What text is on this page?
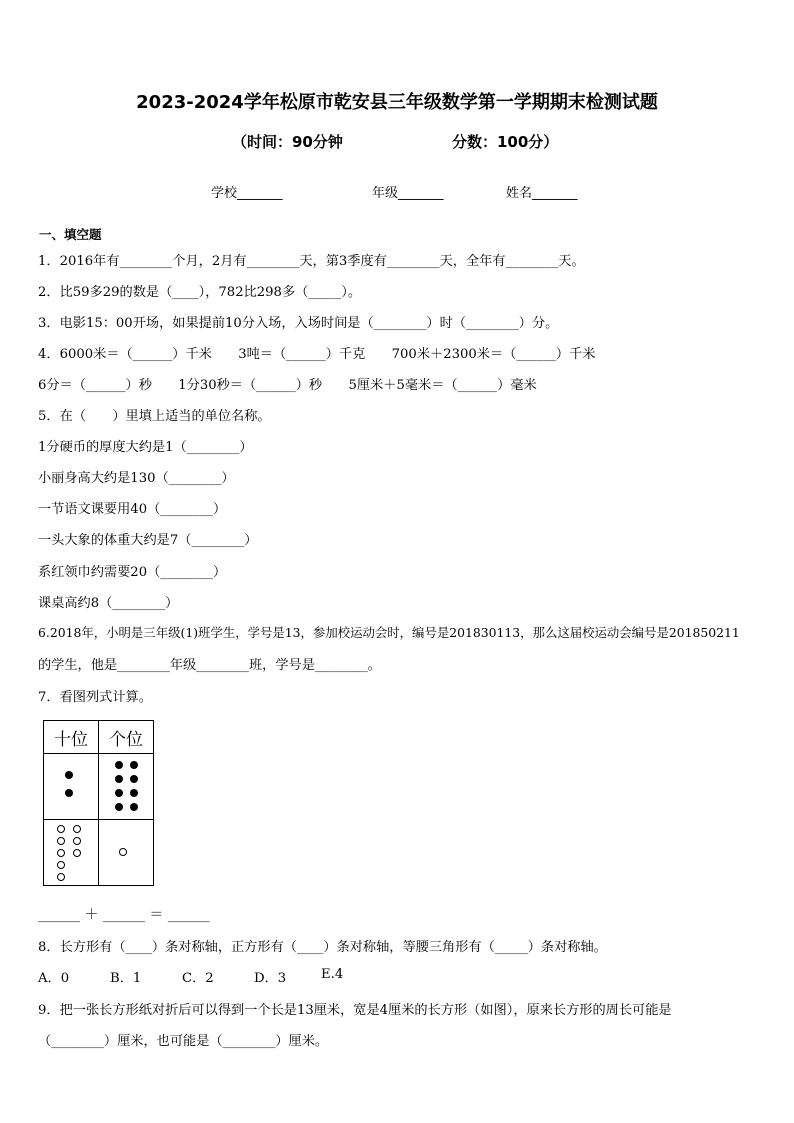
2023-2024学年松原市乾安县三年级数学第一学期期末检测试题
（时间：90分钟	分数：100分）
学校_______	年级_______	姓名_______
一、填空题
1．2016年有________个月，2月有________天，第3季度有________天，全年有________天。
2．比59多29的数是（____），782比298多（_____）。
3．电影15：00开场，如果提前10分入场，入场时间是（________）时（________）分。
4．6000米＝（______）千米　　3吨＝（______）千克　　700米＋2300米＝（______）千米
6分＝（______）秒　　1分30秒＝（______）秒　　5厘米＋5毫米＝（______）毫米
5．在（　　）里填上适当的单位名称。
1分硬币的厚度大约是1（________）
小丽身高大约是130（________）
一节语文课要用40（________）
一头大象的体重大约是7（________）
系红领巾约需要20（________）
课桌高约8（________）
6.2018年，小明是三年级(1)班学生，学号是13，参加校运动会时，编号是201830113，那么这届校运动会编号是201850211
的学生，他是________年级________班，学号是________。
7．看图列式计算。
十位	个位

______ ＋ ______ ＝ ______
8．长方形有（____）条对称轴，正方形有（____）条对称轴，等腰三角形有（_____）条对称轴。
A．0	B．1	C．2	D．3	E.4
9．把一张长方形纸对折后可以得到一个长是13厘米，宽是4厘米的长方形（如图），原来长方形的周长可能是
（________）厘米，也可能是（________）厘米。
